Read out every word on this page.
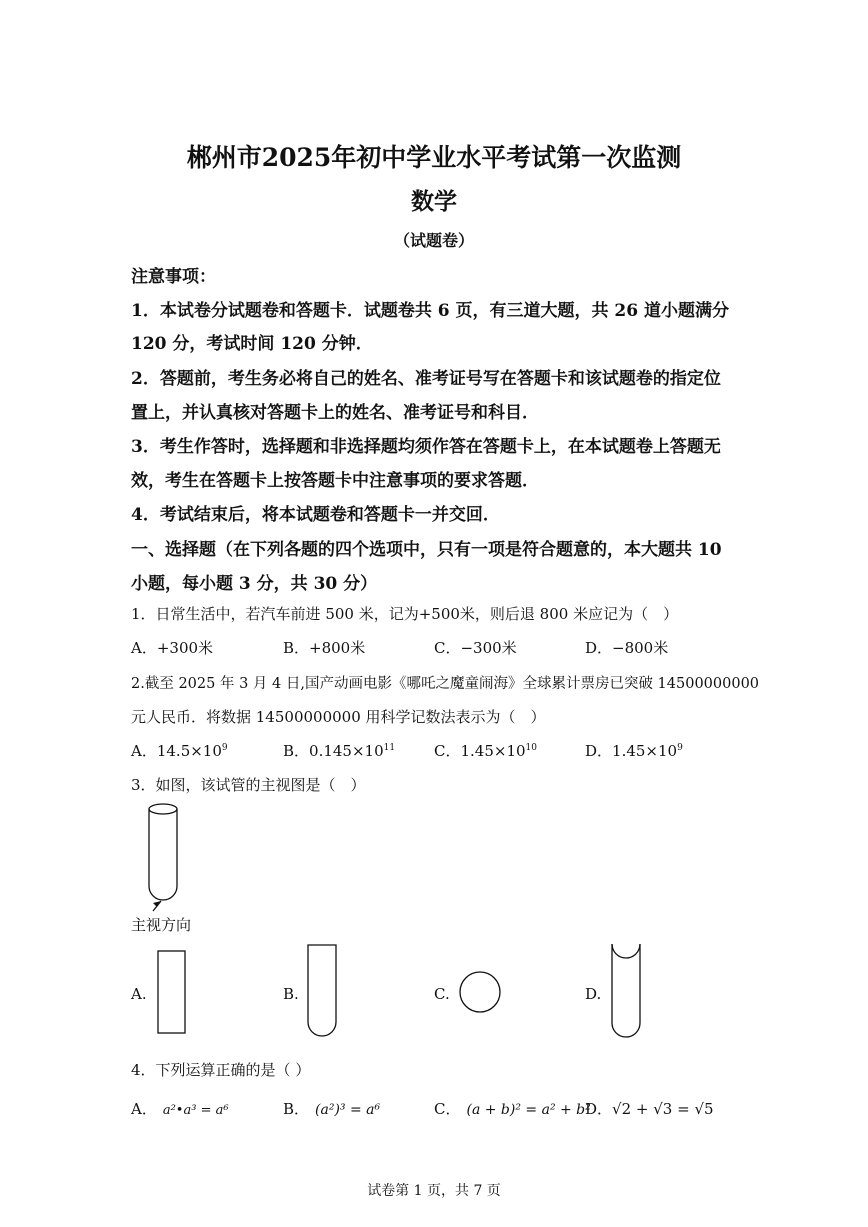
郴州市2025年初中学业水平考试第一次监测
数学
（试题卷）
注意事项：
1．本试卷分试题卷和答题卡．试题卷共 6 页，有三道大题，共 26 道小题满分
120 分，考试时间 120 分钟．
2．答题前，考生务必将自己的姓名、准考证号写在答题卡和该试题卷的指定位
置上，并认真核对答题卡上的姓名、准考证号和科目．
3．考生作答时，选择题和非选择题均须作答在答题卡上，在本试题卷上答题无
效，考生在答题卡上按答题卡中注意事项的要求答题．
4．考试结束后，将本试题卷和答题卡一并交回．
一、选择题（在下列各题的四个选项中，只有一项是符合题意的，本大题共 10
小题，每小题 3 分，共 30 分）
1．日常生活中，若汽车前进 500 米，记为+500米，则后退 800 米应记为（　）
A．+300米	B．+800米	C．−300米	D．−800米
2.截至 2025 年 3 月 4 日,国产动画电影《哪吒之魔童闹海》全球累计票房已突破 14500000000
元人民币．将数据 14500000000 用科学记数法表示为（　）
A．$14.5\times 10^9$	B．$0.145\times 10^{11}$	C．$1.45\times 10^{10}$	D．$1.45\times 10^9$
3．如图，该试管的主视图是（　）
主视方向
A.	B.	C.	D.
4．下列运算正确的是（ ）
A． a²•a³ = a⁶	B． (a²)³ = a⁶	C． (a + b)² = a² + b²
D．√2 + √3 = √5
试卷第 1 页，共 7 页
